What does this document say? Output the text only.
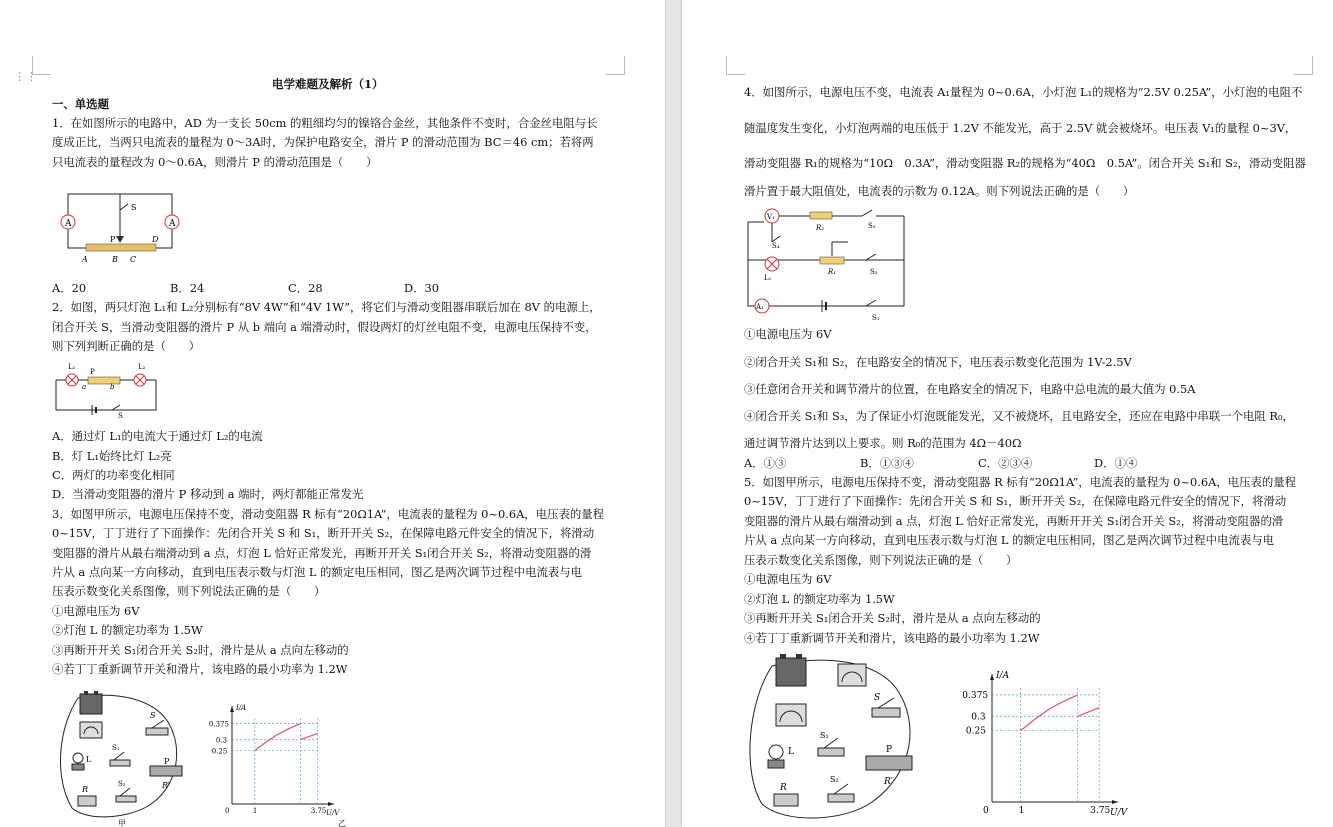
⋮⋮
电学难题及解析（1）
一、单选题
1．在如图所示的电路中，AD 为一支长 50cm 的粗细均匀的镍铬合金丝，其他条件不变时，合金丝电阻与长
度成正比，当两只电流表的量程为 0～3A时，为保护电路安全，滑片 P 的滑动范围为 BC＝46 cm；若将两
只电流表的量程改为 0～0.6A，则滑片 P 的滑动范围是（　　）
A	A
S
P
A	B C
D
A．20	B．24	C．28	D．30
2．如图，两只灯泡 L₁和 L₂分别标有“8V 4W”和“4V 1W”，将它们与滑动变阻器串联后加在 8V 的电源上，
闭合开关 S，当滑动变阻器的滑片 P 从 b 端向 a 端滑动时，假设两灯的灯丝电阻不变，电源电压保持不变，
则下列判断正确的是（　　）
L₁
P
a	b
L₂
S
A．通过灯 L₁的电流大于通过灯 L₂的电流
B．灯 L₁始终比灯 L₂亮
C．两灯的功率变化相同
D．当滑动变阻器的滑片 P 移动到 a 端时，两灯都能正常发光
3．如图甲所示，电源电压保持不变，滑动变阻器 R 标有“20Ω1A”，电流表的量程为 0~0.6A，电压表的量程
0~15V，丁丁进行了下面操作：先闭合开关 S 和 S₁，断开开关 S₂，在保障电路元件安全的情况下，将滑动
变阻器的滑片从最右端滑动到 a 点，灯泡 L 恰好正常发光，再断开开关 S₁闭合开关 S₂，将滑动变阻器的滑
片从 a 点向某一方向移动，直到电压表示数与灯泡 L 的额定电压相同，图乙是两次调节过程中电流表与电
压表示数变化关系图像，则下列说法正确的是（　　）
①电源电压为 6V
②灯泡 L 的额定功率为 1.5W
③再断开开关 S₁闭合开关 S₂时，滑片是从 a 点向左移动的
④若丁丁重新调节开关和滑片，该电路的最小功率为 1.2W
S
L
S₁
P
R′
R
S₂
甲
0	1	3.75
0.375
0.3
0.25
I/A
U/V
乙
4．如图所示，电源电压不变，电流表 A₁量程为 0~0.6A，小灯泡 L₁的规格为“2.5V 0.25A”，小灯泡的电阻不
随温度发生变化，小灯泡两端的电压低于 1.2V 不能发光，高于 2.5V 就会被烧坏。电压表 V₁的量程 0~3V，
滑动变阻器 R₁的规格为“10Ω　0.3A”，滑动变阻器 R₂的规格为“40Ω　0.5A”。闭合开关 S₁和 S₂，滑动变阻器
滑片置于最大阻值处，电流表的示数为 0.12A。则下列说法正确的是（　　）
V₁
R₂	S₂
S₄
L₁
R₁	S₃
A₁
S₁
①电源电压为 6V
②闭合开关 S₁和 S₂，在电路安全的情况下，电压表示数变化范围为 1V-2.5V
③任意闭合开关和调节滑片的位置，在电路安全的情况下，电路中总电流的最大值为 0.5A
④闭合开关 S₁和 S₃，为了保证小灯泡既能发光，又不被烧坏，且电路安全，还应在电路中串联一个电阻 R₀，
通过调节滑片达到以上要求。则 R₀的范围为 4Ω－40Ω
A．①③	B．①③④	C．②③④	D．①④
5．如图甲所示，电源电压保持不变，滑动变阻器 R 标有“20Ω1A”，电流表的量程为 0~0.6A，电压表的量程
0~15V，丁丁进行了下面操作：先闭合开关 S 和 S₁，断开开关 S₂，在保障电路元件安全的情况下，将滑动
变阻器的滑片从最右端滑动到 a 点，灯泡 L 恰好正常发光，再断开开关 S₁闭合开关 S₂，将滑动变阻器的滑
片从 a 点向某一方向移动，直到电压表示数与灯泡 L 的额定电压相同，图乙是两次调节过程中电流表与电
压表示数变化关系图像，则下列说法正确的是（　　）
①电源电压为 6V
②灯泡 L 的额定功率为 1.5W
③再断开开关 S₁闭合开关 S₂时，滑片是从 a 点向左移动的
④若丁丁重新调节开关和滑片，该电路的最小功率为 1.2W
S
L
S₁
P
R′
R
S₂
0	1	3.75
0.375
0.3
0.25
I/A
U/V
